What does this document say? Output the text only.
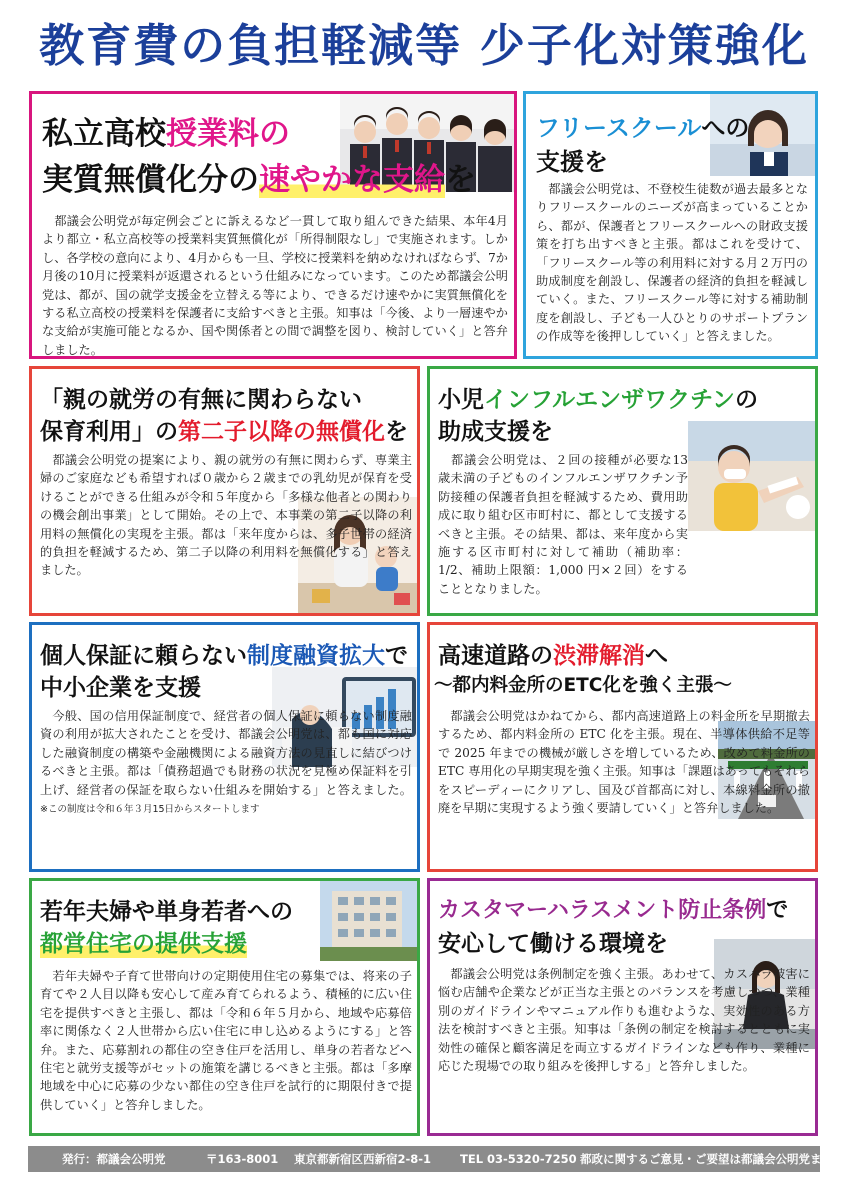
教育費の負担軽減等 少子化対策強化
私立高校授業料の
実質無償化分の速やかな支給を

　都議会公明党が毎定例会ごとに訴えるなど一貫して取り組んできた結果、本年4月より都立・私立高校等の授業料実質無償化が「所得制限なし」で実施されます。しかし、各学校の意向により、4月からも一旦、学校に授業料を納めなければならず、7か月後の10月に授業料が返還されるという仕組みになっています。このため都議会公明党は、都が、国の就学支援金を立替える等により、できるだけ速やかに実質無償化をする私立高校の授業料を保護者に支給すべきと主張。知事は「今後、より一層速やかな支給が実施可能となるか、国や関係者との間で調整を図り、検討していく」と答弁しました。

フリースクールへの
支援を

　都議会公明党は、不登校生徒数が過去最多となりフリースクールのニーズが高まっていることから、都が、保護者とフリースクールへの財政支援策を打ち出すべきと主張。都はこれを受けて、「フリースクール等の利用料に対する月２万円の助成制度を創設し、保護者の経済的負担を軽減していく。また、フリースクール等に対する補助制度を創設し、子ども一人ひとりのサポートプランの作成等を後押ししていく」と答えました。

「親の就労の有無に関わらない
保育利用」の第二子以降の無償化を

　都議会公明党の提案により、親の就労の有無に関わらず、専業主婦のご家庭なども希望すれば０歳から２歳までの乳幼児が保育を受けることができる仕組みが令和５年度から「多様な他者との関わりの機会創出事業」として開始。その上で、本事業の第二子以降の利用料の無償化の実現を主張。都は「来年度からは、多子世帯の経済的負担を軽減するため、第二子以降の利用料を無償化する」と答えました。

小児インフルエンザワクチンの
助成支援を

　都議会公明党は、２回の接種が必要な13 歳未満の子どものインフルエンザワクチン予防接種の保護者負担を軽減するため、費用助成に取り組む区市町村に、都として支援するべきと主張。その結果、都は、来年度から実施する区市町村に対して補助（補助率：1/2、補助上限額：1,000 円×２回）をすることとなりました。

個人保証に頼らない制度融資拡大で
中小企業を支援

　今般、国の信用保証制度で、経営者の個人保証に頼らない制度融資の利用が拡大されたことを受け、都議会公明党は、都も国に対応した融資制度の構築や金融機関による融資方法の見直しに結びつけるべきと主張。都は「債務超過でも財務の状況を見極め保証料を引上げ、経営者の保証を取らない仕組みを開始する」と答えました。 ※この制度は令和６年３月15日からスタートします

高速道路の渋滞解消へ
〜都内料金所のETC化を強く主張〜

　都議会公明党はかねてから、都内高速道路上の料金所を早期撤去するため、都内料金所の ETC 化を主張。現在、半導体供給不足等で 2025 年までの機械が厳しさを増しているため、改めて料金所の ETC 専用化の早期実現を強く主張。知事は「課題はあってもそれらをスピーディーにクリアし、国及び首都高に対し、本線料金所の撤廃を早期に実現するよう強く要請していく」と答弁しました。

若年夫婦や単身若者への
都営住宅の提供支援

　若年夫婦や子育て世帯向けの定期使用住宅の募集では、将来の子育てや２人目以降も安心して産み育てられるよう、積極的に広い住宅を提供すべきと主張し、都は「令和６年５月から、地域や応募倍率に関係なく２人世帯から広い住宅に申し込めるようにする」と答弁。また、応募割れの都住の空き住戸を活用し、単身の若者などへ住宅と就労支援等がセットの施策を講じるべきと主張。都は「多摩地域を中心に応募の少ない都住の空き住戸を試行的に期限付きで提供していく」と答弁しました。

カスタマーハラスメント防止条例で
安心して働ける環境を

　都議会公明党は条例制定を強く主張。あわせて、カスハラ被害に悩む店舗や企業などが正当な主張とのバランスを考慮しつつ、業種別のガイドラインやマニュアル作りも進むような、実効性のある方法を検討すべきと主張。知事は「条例の制定を検討するとともに実効性の確保と顧客満足を両立するガイドラインなども作り、業種に応じた現場での取り組みを後押しする」と答弁しました。

発行：都議会公明党	〒163-8001 東京都新宿区西新宿2-8-1	TEL 03-5320-7250 都政に関するご意見・ご要望は都議会公明党まで。
